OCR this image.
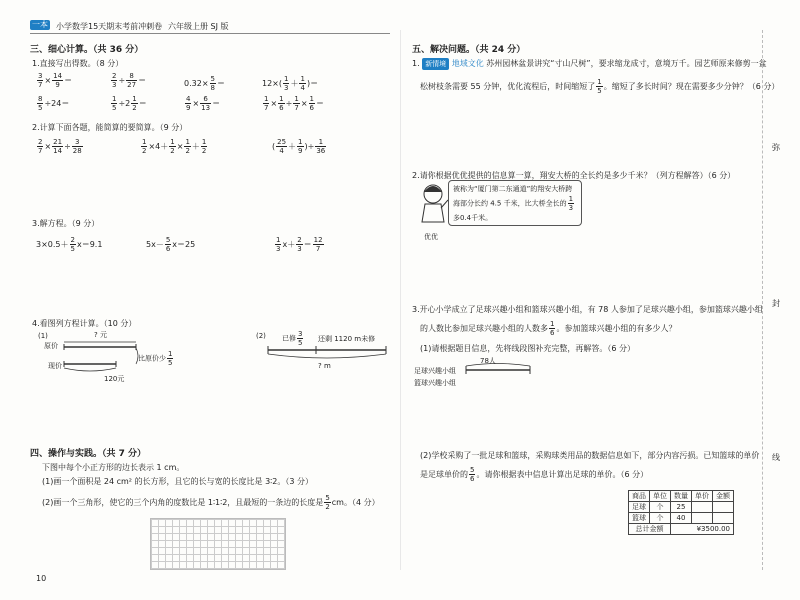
一本 小学数学15天期末考前冲刺卷 六年级上册 SJ 版
三、细心计算。（共 36 分）
1.直接写出得数。（8 分）
$\frac{3}{7} \times \frac{14}{9}$ ＝	$\frac{2}{3} \div \frac{8}{27}$ ＝	$0.32\times \frac{5}{8}$ ＝	$12\times( \frac{1}{3} + \frac{1}{4}$ )＝
$\frac{8}{5} \div 24=$	$\frac{1}{5} \div 2 \frac{1}{2}$ ＝	$\frac{4}{9} \times \frac{6}{13}$ ＝	$\frac{1}{7} \times \frac{1}{6} \div \frac{1}{7} \times \frac{1}{6}$ ＝
2.计算下面各题，能简算的要简算。（9 分）
$\frac{2}{7} \times \frac{21}{14} \div \frac{3}{28}$	$\frac{1}{2} \times 4+ \frac{1}{2} \times \frac{1}{2} + \frac{1}{2}$	( $\frac{25}{4} + \frac{1}{9}$ )÷ $\frac{1}{36}$
3.解方程。（9 分）
$3\times 0.5+ \frac{2}{5} x=9.1$	$5x- \frac{5}{6} x=25$	$\frac{1}{3} x+ \frac{2}{3} = \frac{12}{7}$
4.看图列方程计算。（10 分）
(1)	? 元
原价
比原价少 $\frac{1}{5}$
现价
120元
(2) 已修 $\frac{3}{5}$ 还剩 1120 m未修
? m
四、操作与实践。（共 7 分）
下图中每个小正方形的边长表示 1 cm。
(1)画一个面积是 24 cm² 的长方形，且它的长与宽的长度比是 3∶2。（3 分）
(2)画一个三角形，使它的三个内角的度数比是 1∶1∶2，且最短的一条边的长度是 $\frac{5}{2}$ cm。（4 分）
10
五、解决问题。（共 24 分）
1. 新情境 地域文化 苏州园林盆景讲究“寸山尺树”，要求缩龙成寸，意境万千。园艺师原来修剪一盆
松树枝条需要 55 分钟，优化流程后，时间缩短了 $\frac{1}{5}$ 。缩短了多长时间？现在需要多少分钟？（6 分）
2.请你根据优优提供的信息算一算，翔安大桥的全长约是多少千米？（列方程解答）（6 分）
优优
被称为“厦门第二东通道”的翔安大桥跨海部分长约 4.5 千米，比大桥全长的 $\frac{1}{3}$
多0.4千米。
3.开心小学成立了足球兴趣小组和篮球兴趣小组，有 78 人参加了足球兴趣小组，参加篮球兴趣小组
的人数比参加足球兴趣小组的人数多 $\frac{1}{6}$ 。参加篮球兴趣小组的有多少人？
(1)请根据题目信息，先将线段图补充完整，再解答。（6 分）
78人
足球兴趣小组
篮球兴趣小组
(2)学校采购了一批足球和篮球，采购球类用品的数据信息如下，部分内容污损。已知篮球的单价
是足球单价的 $\frac{5}{6}$ 。请你根据表中信息计算出足球的单价。（6 分）
商品	单位	数量	单价	金额
足球	个	25		
篮球	个	40		
总计金额		¥3500.00		
弥
封
线
